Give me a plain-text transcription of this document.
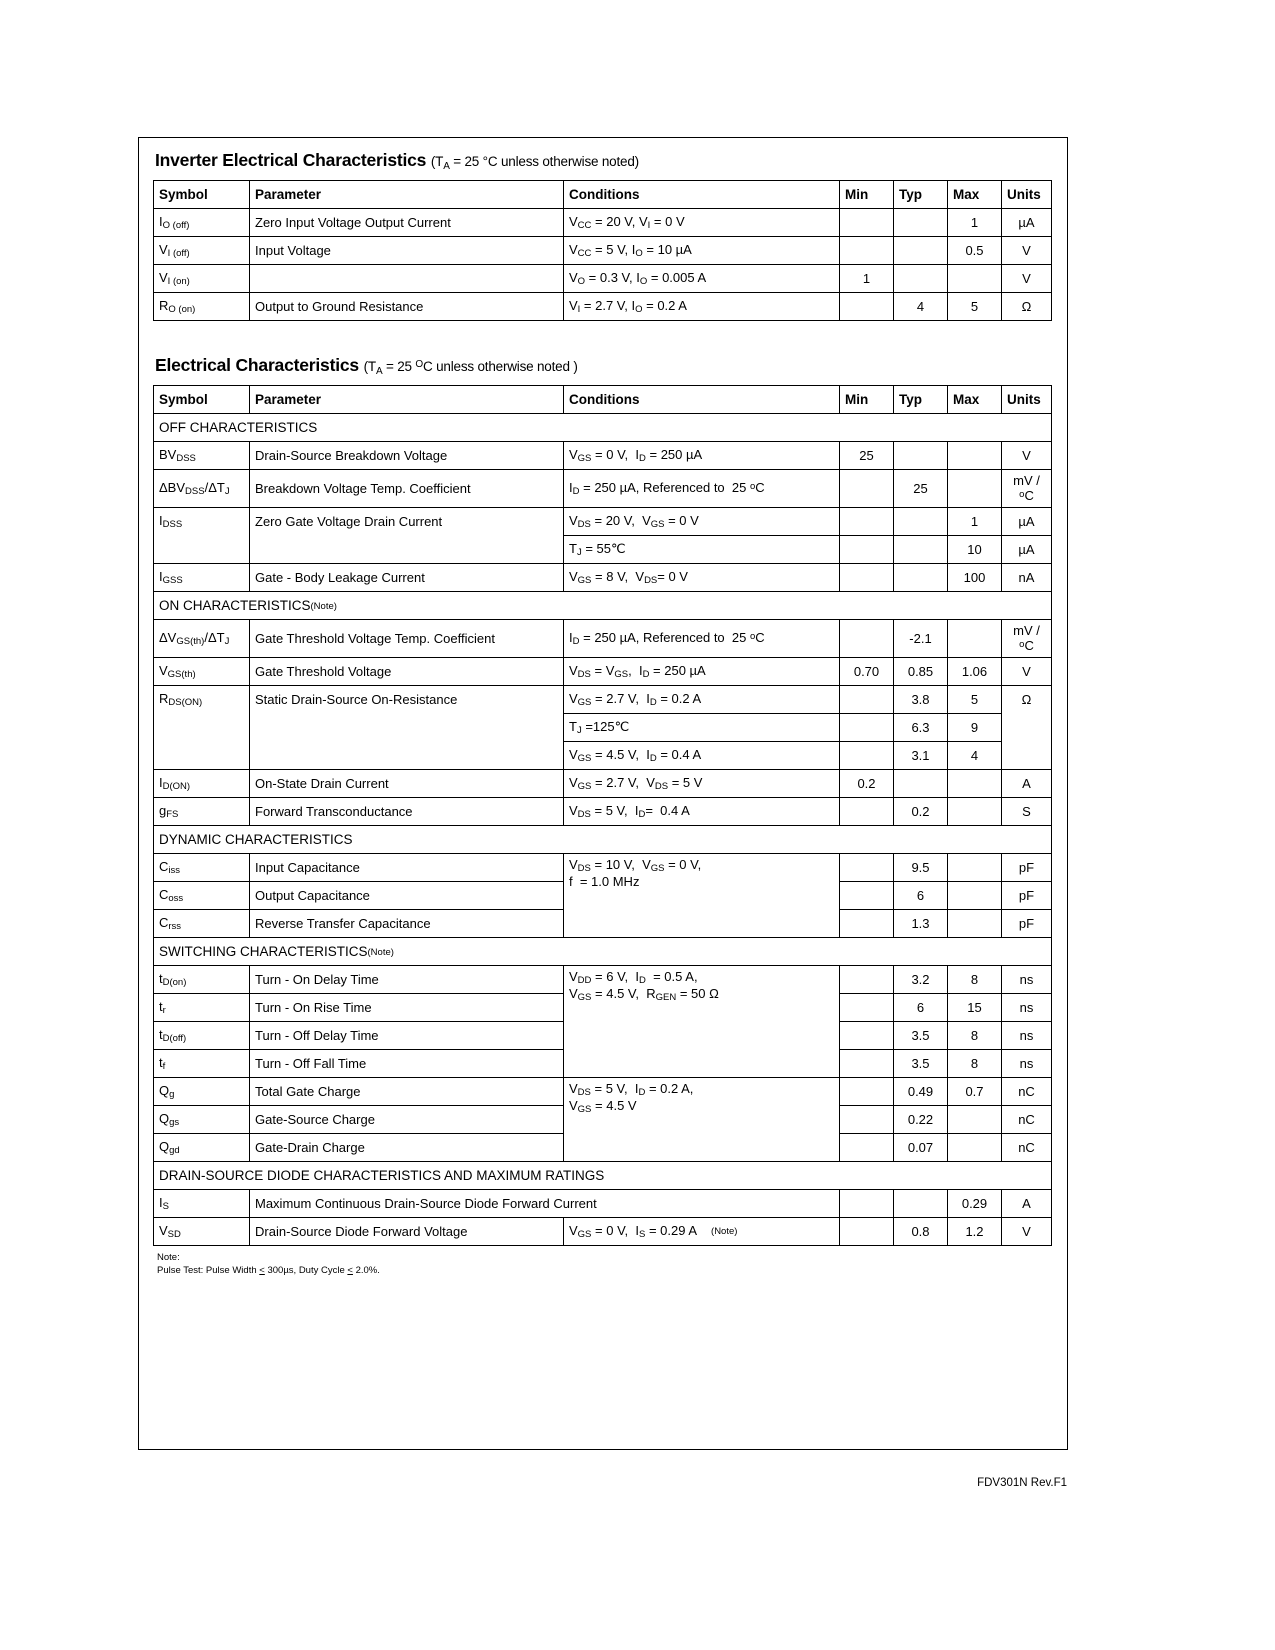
Inverter Electrical Characteristics ($T_A = 25$ °C unless otherwise noted)
Symbol	Parameter	Conditions	Min	Typ	Max	Units
$I_{O (off)}$	Zero Input Voltage Output Current	$V_{CC} = 20$ V, $V_I = 0$ V			1	µA
$V_{I (off)}$	Input Voltage	$V_{CC} = 5$ V, $I_O = 10$ µA			0.5	V
$V_{I (on)}$		$V_O = 0.3$ V, $I_O = 0.005$ A	1			V
$R_{O (on)}$	Output to Ground Resistance	$V_I = 2.7$ V, $I_O = 0.2$ A		4	5	Ω
Electrical Characteristics ($T_A = 25$ $^O$C unless otherwise noted )
Symbol	Parameter	Conditions	Min	Typ	Max	Units
OFF CHARACTERISTICS						
$BV_{DSS}$	Drain-Source Breakdown Voltage	$V_{GS} = 0$ V,  $I_D = 250$ µA	25			V
$\Delta BV_{DSS}/\Delta T_J$	Breakdown Voltage Temp. Coefficient	$I_D = 250$ µA, Referenced to  25 $^o$C		25		mV / $^o$C
$I_{DSS}$	Zero Gate Voltage Drain Current	$V_{DS} = 20$ V,  $V_{GS} = 0$ V			1	µA
		$T_J$ = 55℃			10	µA
$I_{GSS}$	Gate - Body Leakage Current	$V_{GS} = 8$ V,  $V_{DS}= 0$ V			100	nA
ON CHARACTERISTICS(Note)						
$\Delta V_{GS(th)}/\Delta T_J$	Gate Threshold Voltage Temp. Coefficient	$I_D = 250$ µA, Referenced to  25 $^o$C		-2.1		mV / $^o$C
$V_{GS(th)}$	Gate Threshold Voltage	$V_{DS} = V_{GS}$,  $I_D = 250$ µA	0.70	0.85	1.06	V
$R_{DS(ON)}$	Static Drain-Source On-Resistance	$V_{GS} = 2.7$ V,  $I_D = 0.2$ A		3.8	5	Ω
		$T_J$ =125℃		6.3	9	
		$V_{GS} = 4.5$ V,  $I_D = 0.4$ A		3.1	4	
$I_{D(ON)}$	On-State Drain Current	$V_{GS} = 2.7$ V,  $V_{DS} = 5$ V	0.2			A
$g_{FS}$	Forward Transconductance	$V_{DS} = 5$ V,  $I_D= 0.4$ A		0.2		S
DYNAMIC CHARACTERISTICS						
$C_{iss}$	Input Capacitance	$V_{DS} = 10$ V,  $V_{GS} = 0$ V,
f  = 1.0 MHz		9.5		pF
$C_{oss}$	Output Capacitance			6		pF
$C_{rss}$	Reverse Transfer Capacitance			1.3		pF
SWITCHING CHARACTERISTICS(Note)						
$t_{D(on)}$	Turn - On Delay Time	$V_{DD} = 6$ V,  $I_D = 0.5$ A,
$V_{GS} = 4.5$ V,  $R_{GEN} = 50$ Ω		3.2	8	ns
$t_r$	Turn - On Rise Time			6	15	ns
$t_{D(off)}$	Turn - Off Delay Time			3.5	8	ns
$t_f$	Turn - Off Fall Time			3.5	8	ns
$Q_g$	Total Gate Charge	$V_{DS} = 5$ V,  $I_D = 0.2$ A,
$V_{GS} = 4.5$ V		0.49	0.7	nC
$Q_{gs}$	Gate-Source Charge			0.22		nC
$Q_{gd}$	Gate-Drain Charge			0.07		nC
DRAIN-SOURCE DIODE CHARACTERISTICS AND MAXIMUM RATINGS						
$I_S$	Maximum Continuous Drain-Source Diode Forward Current				0.29	A
$V_{SD}$	Drain-Source Diode Forward Voltage	$V_{GS} = 0$ V,  $I_S = 0.29$ A (Note)		0.8	1.2	V
Note:
Pulse Test: Pulse Width < 300µs, Duty Cycle < 2.0%.
FDV301N Rev.F1
